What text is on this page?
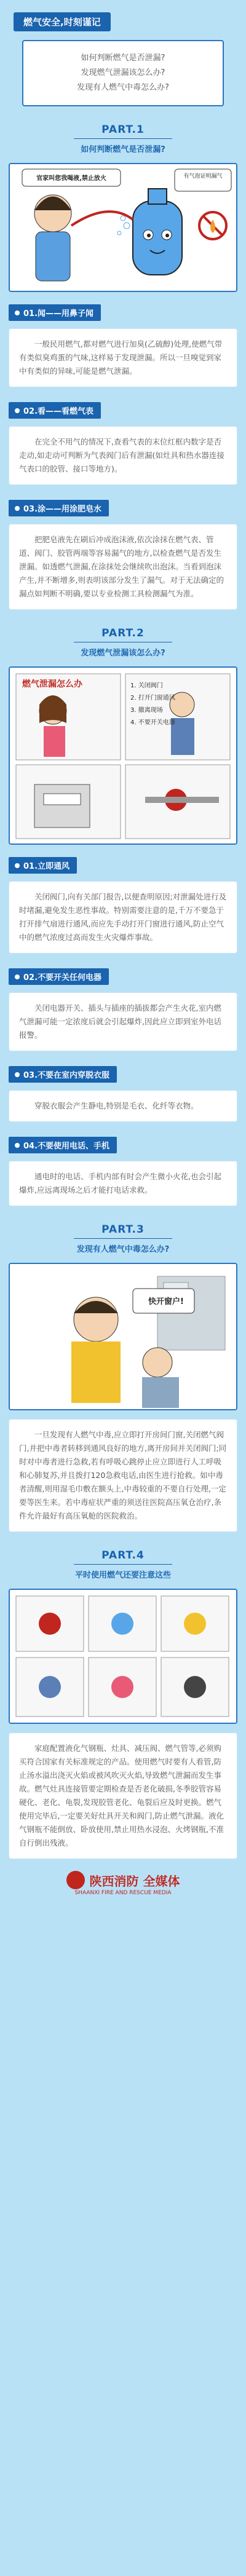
燃气安全,时刻谨记
如何判断燃气是否泄漏?
发现燃气泄漏该怎么办?
发现有人燃气中毒怎么办?
PART.1
如何判断燃气是否泄漏?
官家叫您我喝液,禁止放火	有气泡证明漏气
01.闻——用鼻子闻
一般民用燃气,都对燃气进行加臭(乙硫醇)处理,使燃气带有类似臭鸡蛋的气味,这样易于发现泄漏。所以一旦嗅觉到家中有类似的异味,可能是燃气泄漏。
02.看——看燃气表
在完全不用气的情况下,查看气表的末位红框内数字是否走动,如走动可判断为气表阀门后有泄漏(如灶具和热水器连接气表口的胶管、接口等地方)。
03.涂——用涂肥皂水
把肥皂液先在刷后冲成泡沫液,依次涂抹在燃气表、管道、阀门、胶管两端等容易漏气的地方,以检查燃气是否发生泄漏。如透燃气泄漏,在涂抹处会继续吹出泡沫。当看到泡沫产生,并不断增多,则表明该部分发生了漏气。对于无法确定的漏点如判断不明确,要以专业检测工具检测漏气为准。
PART.2
发现燃气泄漏该怎么办?
燃气泄漏怎么办	1. 关闭阀门
2. 打开门窗通风
3. 撤离现场
4. 不要开关电器
01.立即通风
关闭阀门,向有关部门报告,以便查明原因;对泄漏处进行及时堵漏,避免发生恶性事故。特别需要注意的是,千万不要急于打开排气扇进行通风,而应先手动打开门窗进行通风,防止空气中的燃气浓度过高而发生火灾爆炸事故。
02.不要开关任何电器
关闭电器开关、插头与插座的插拔都会产生火花,室内燃气泄漏可能一定浓度后就会引起爆炸,因此应立即到室外电话报警。
03.不要在室内穿脱衣服
穿脱衣服会产生静电,特别是毛衣、化纤等衣物。
04.不要使用电话、手机
通电时的电话、手机内部有时会产生微小火花,也会引起爆炸,应远离现场之后才能打电话求救。
PART.3
发现有人燃气中毒怎么办?
快开窗户!
一旦发现有人燃气中毒,应立即打开房间门窗,关闭燃气阀门,并把中毒者转移到通风良好的地方,离开房间并关闭阀门;同时对中毒者进行急救,若有呼吸心跳停止应立即进行人工呼吸和心肺复苏,并且拨打120急救电话,由医生进行抢救。如中毒者清醒,则用湿毛巾敷在额头上,中毒较重的不要自行处理,一定要等医生来。若中毒症状严重的须送往医院高压氧仓治疗,条件允许最好有高压氧舱的医院救治。
PART.4
平时使用燃气还要注意这些
家庭配置液化气钢瓶、灶具、减压阀、燃气管等,必须购买符合国家有关标准规定的产品。使用燃气时要有人看管,防止汤水溢出浇灭火焰或被风吹灭火焰,导致燃气泄漏而发生事故。燃气灶具连接管要定期检查是否老化破损,冬季胶管容易硬化、老化、龟裂,发现胶管老化、龟裂后应及时更换。燃气使用完毕后,一定要关好灶具开关和阀门,防止燃气泄漏。液化气钢瓶不能倒放、卧放使用,禁止用热水浸泡、火烤钢瓶,不准自行倒出残液。
陕西消防 全媒体
SHAANXI FIRE AND RESCUE MEDIA
